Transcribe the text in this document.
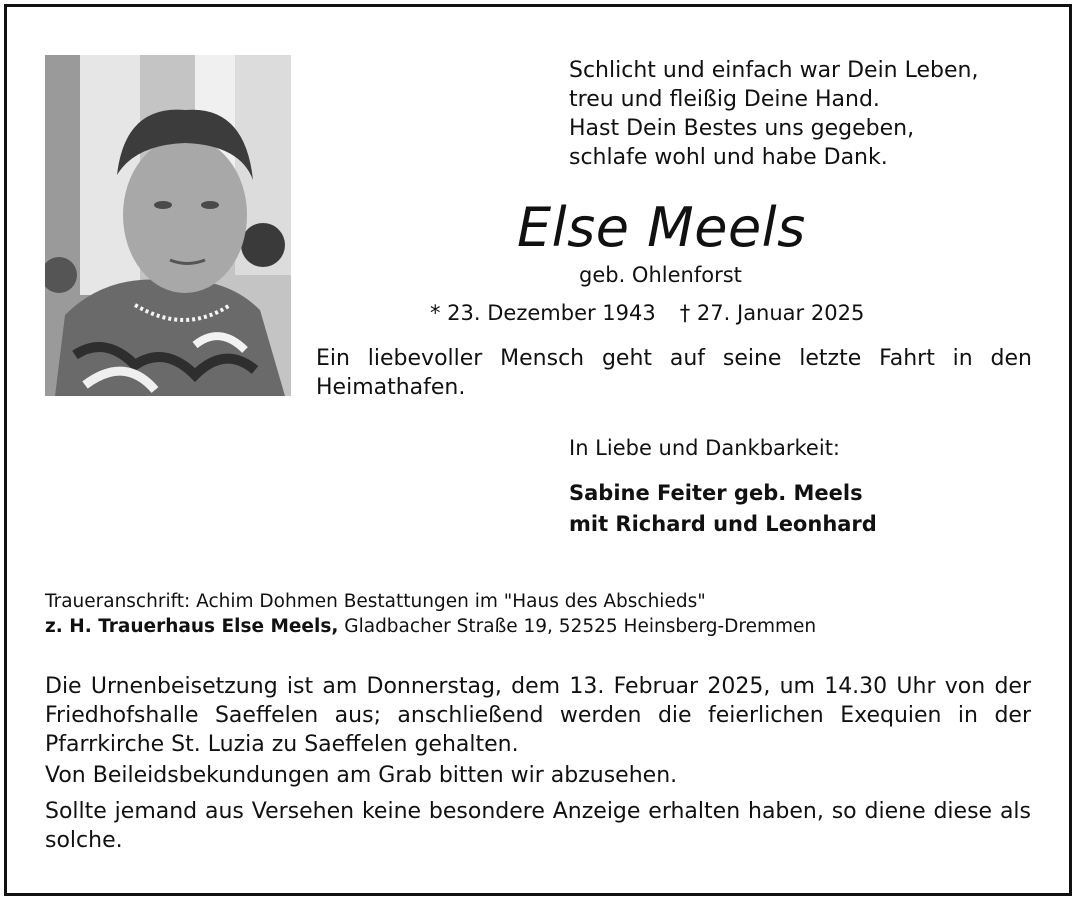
Schlicht und einfach war Dein Leben,
treu und fleißig Deine Hand.
Hast Dein Bestes uns gegeben,
schlafe wohl und habe Dank.
Else Meels
geb. Ohlenforst
* 23. Dezember 1943 † 27. Januar 2025
Ein liebevoller Mensch geht auf seine letzte Fahrt in den Heimathafen.
In Liebe und Dankbarkeit:
Sabine Feiter geb. Meels
mit Richard und Leonhard
Traueranschrift: Achim Dohmen Bestattungen im "Haus des Abschieds"
z. H. Trauerhaus Else Meels, Gladbacher Straße 19, 52525 Heinsberg-Dremmen
Die Urnenbeisetzung ist am Donnerstag, dem 13. Februar 2025, um 14.30 Uhr von der Friedhofshalle Saeffelen aus; anschließend werden die feierlichen Exequien in der Pfarrkirche St. Luzia zu Saeffelen gehalten.
Von Beileidsbekundungen am Grab bitten wir abzusehen.
Sollte jemand aus Versehen keine besondere Anzeige erhalten haben, so diene diese als solche.
